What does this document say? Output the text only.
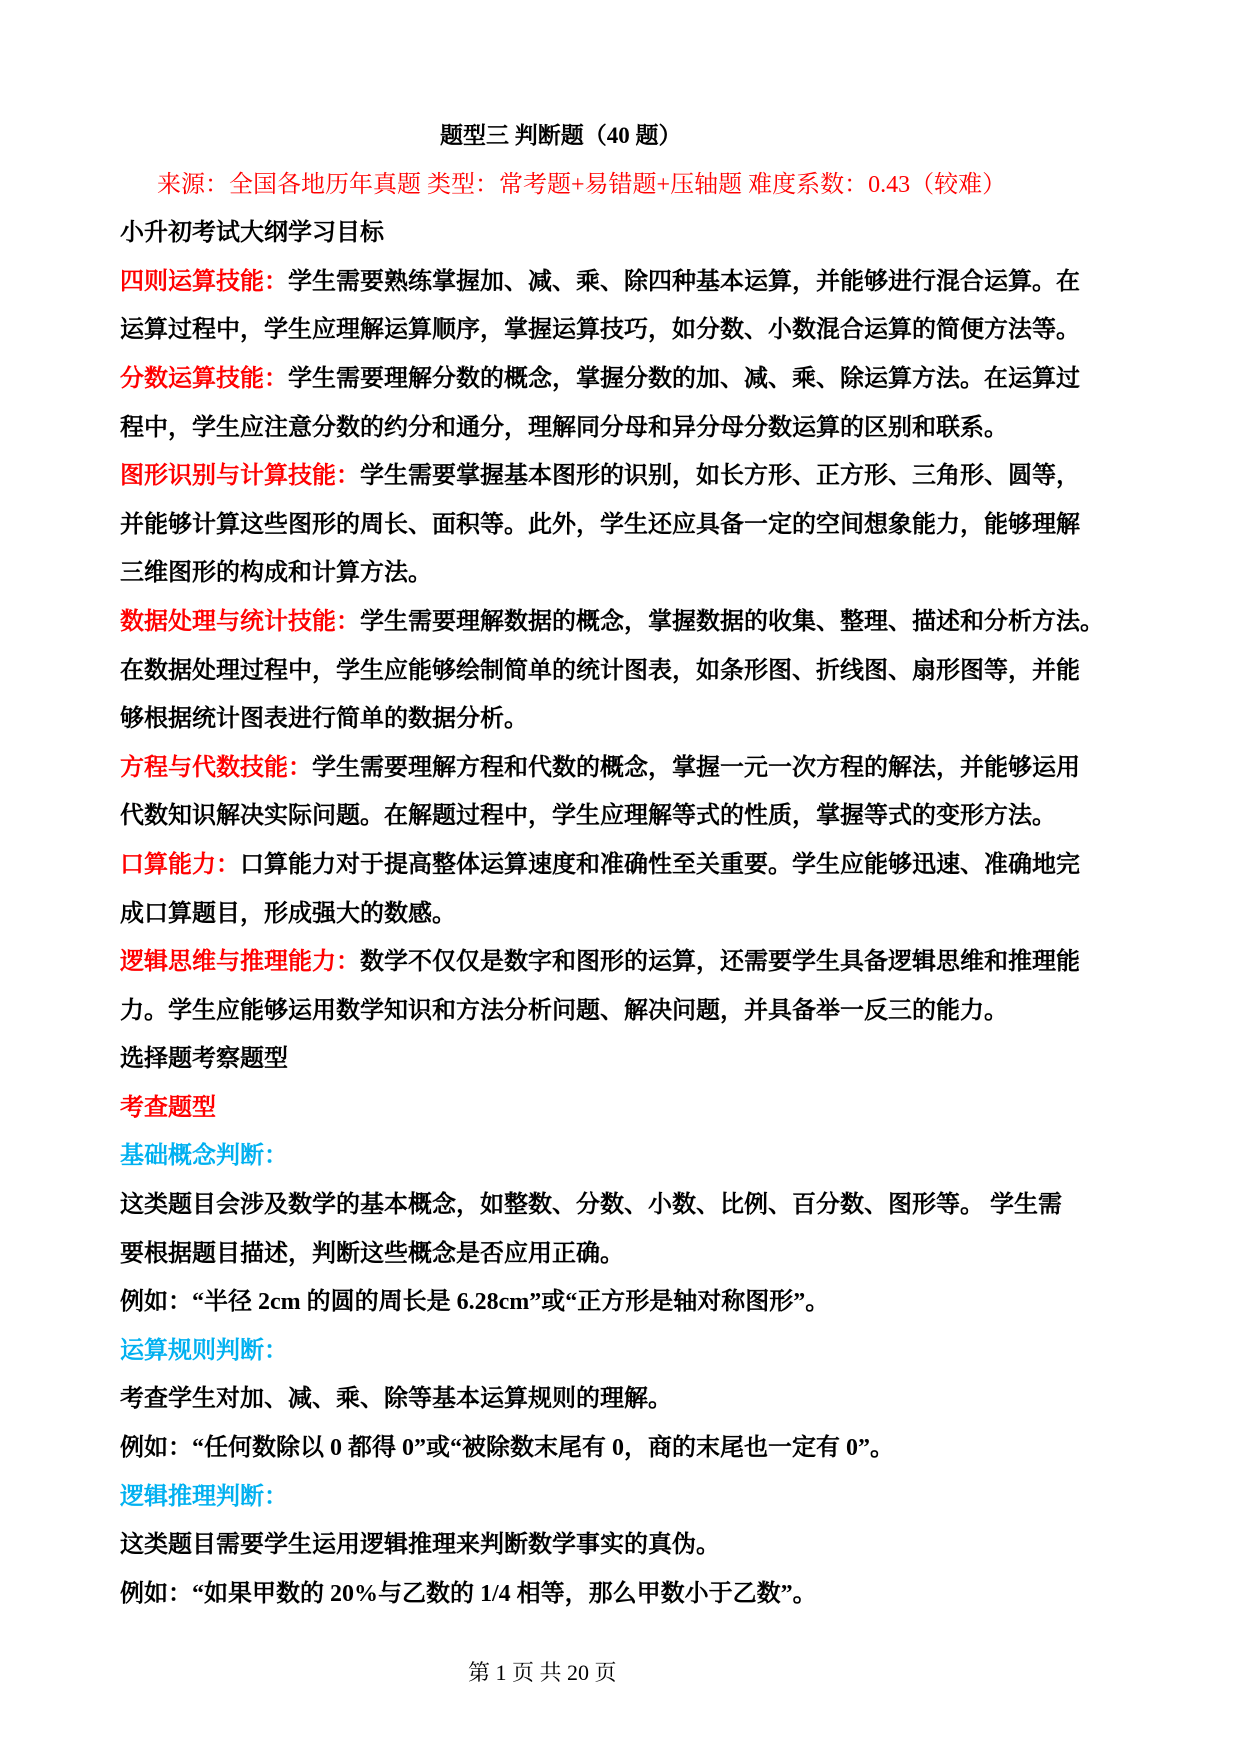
题型三 判断题（40 题）
来源：全国各地历年真题 类型：常考题+易错题+压轴题 难度系数：0.43（较难）
小升初考试大纲学习目标
四则运算技能：学生需要熟练掌握加、减、乘、除四种基本运算，并能够进行混合运算。在
运算过程中，学生应理解运算顺序，掌握运算技巧，如分数、小数混合运算的简便方法等。
分数运算技能：学生需要理解分数的概念，掌握分数的加、减、乘、除运算方法。在运算过
程中，学生应注意分数的约分和通分，理解同分母和异分母分数运算的区别和联系。
图形识别与计算技能：学生需要掌握基本图形的识别，如长方形、正方形、三角形、圆等，
并能够计算这些图形的周长、面积等。此外，学生还应具备一定的空间想象能力，能够理解
三维图形的构成和计算方法。
数据处理与统计技能：学生需要理解数据的概念，掌握数据的收集、整理、描述和分析方法。
在数据处理过程中，学生应能够绘制简单的统计图表，如条形图、折线图、扇形图等，并能
够根据统计图表进行简单的数据分析。
方程与代数技能：学生需要理解方程和代数的概念，掌握一元一次方程的解法，并能够运用
代数知识解决实际问题。在解题过程中，学生应理解等式的性质，掌握等式的变形方法。
口算能力：口算能力对于提高整体运算速度和准确性至关重要。学生应能够迅速、准确地完
成口算题目，形成强大的数感。
逻辑思维与推理能力：数学不仅仅是数字和图形的运算，还需要学生具备逻辑思维和推理能
力。学生应能够运用数学知识和方法分析问题、解决问题，并具备举一反三的能力。
选择题考察题型
考查题型
基础概念判断：
这类题目会涉及数学的基本概念，如整数、分数、小数、比例、百分数、图形等。 学生需
要根据题目描述，判断这些概念是否应用正确。
例如：“半径 2cm 的圆的周长是 6.28cm”或“正方形是轴对称图形”。
运算规则判断：
考查学生对加、减、乘、除等基本运算规则的理解。
例如：“任何数除以 0 都得 0”或“被除数末尾有 0，商的末尾也一定有 0”。
逻辑推理判断：
这类题目需要学生运用逻辑推理来判断数学事实的真伪。
例如：“如果甲数的 20%与乙数的 1/4 相等，那么甲数小于乙数”。
第 1 页 共 20 页
